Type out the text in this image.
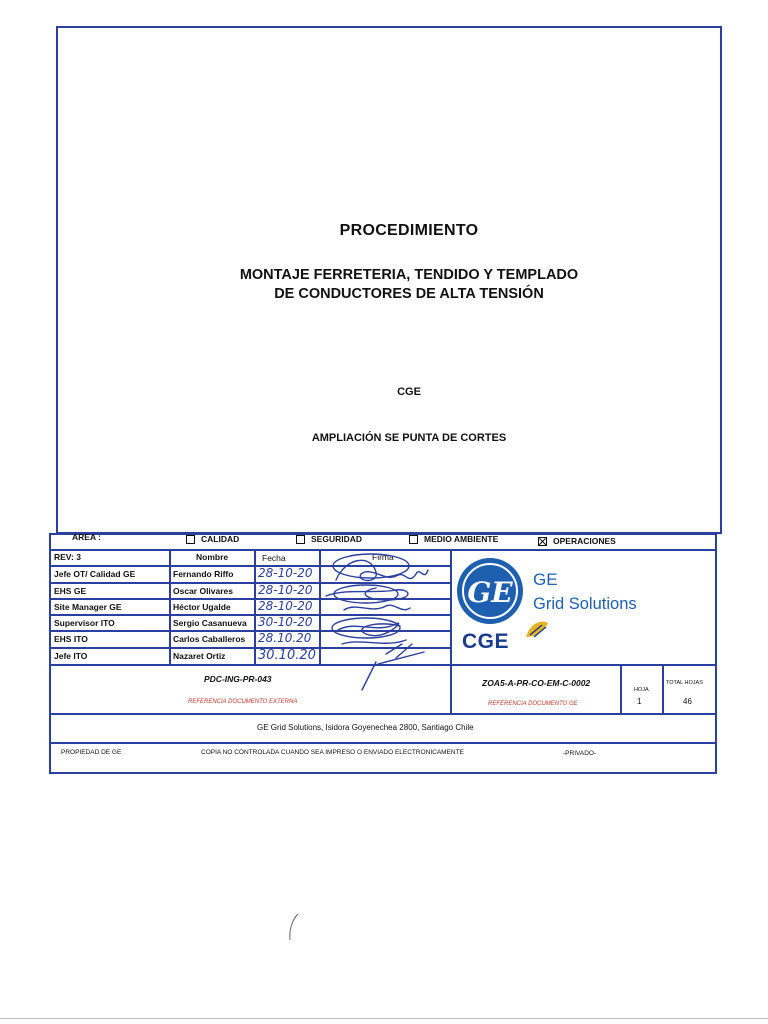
PROCEDIMIENTO
MONTAJE FERRETERIA, TENDIDO Y TEMPLADO
DE CONDUCTORES DE ALTA TENSIÓN
CGE
AMPLIACIÓN SE PUNTA DE CORTES
AREA :	CALIDAD	SEGURIDAD	MEDIO AMBIENTE	OPERACIONES
REV: 3	Nombre	Fecha	Firma
Jefe OT/ Calidad GE	Fernando Riffo 28-10-20
EHS GE	Oscar Olivares 28-10-20
Site Manager GE	Héctor Ugalde 28-10-20
Supervisor ITO	Sergio Casanueva 30-10-20
EHS ITO	Carlos Caballeros 28.10.20
Jefe ITO	Nazaret Ortiz	30.10.20
GE GE
Grid Solutions
CGE
PDC-ING-PR-043
REFERENCIA DOCUMENTO EXTERNA
ZOA5-A-PR-CO-EM-C-0002
REFERENCIA DOCUMENTO GE
HOJA
1
TOTAL HOJAS
46
GE Grid Solutions, Isidora Goyenechea 2800, Santiago Chile
PROPIEDAD DE GE	COPIA NO CONTROLADA CUANDO SEA IMPRESO O ENVIADO ELECTRONICAMENTE	-PRIVADO-
